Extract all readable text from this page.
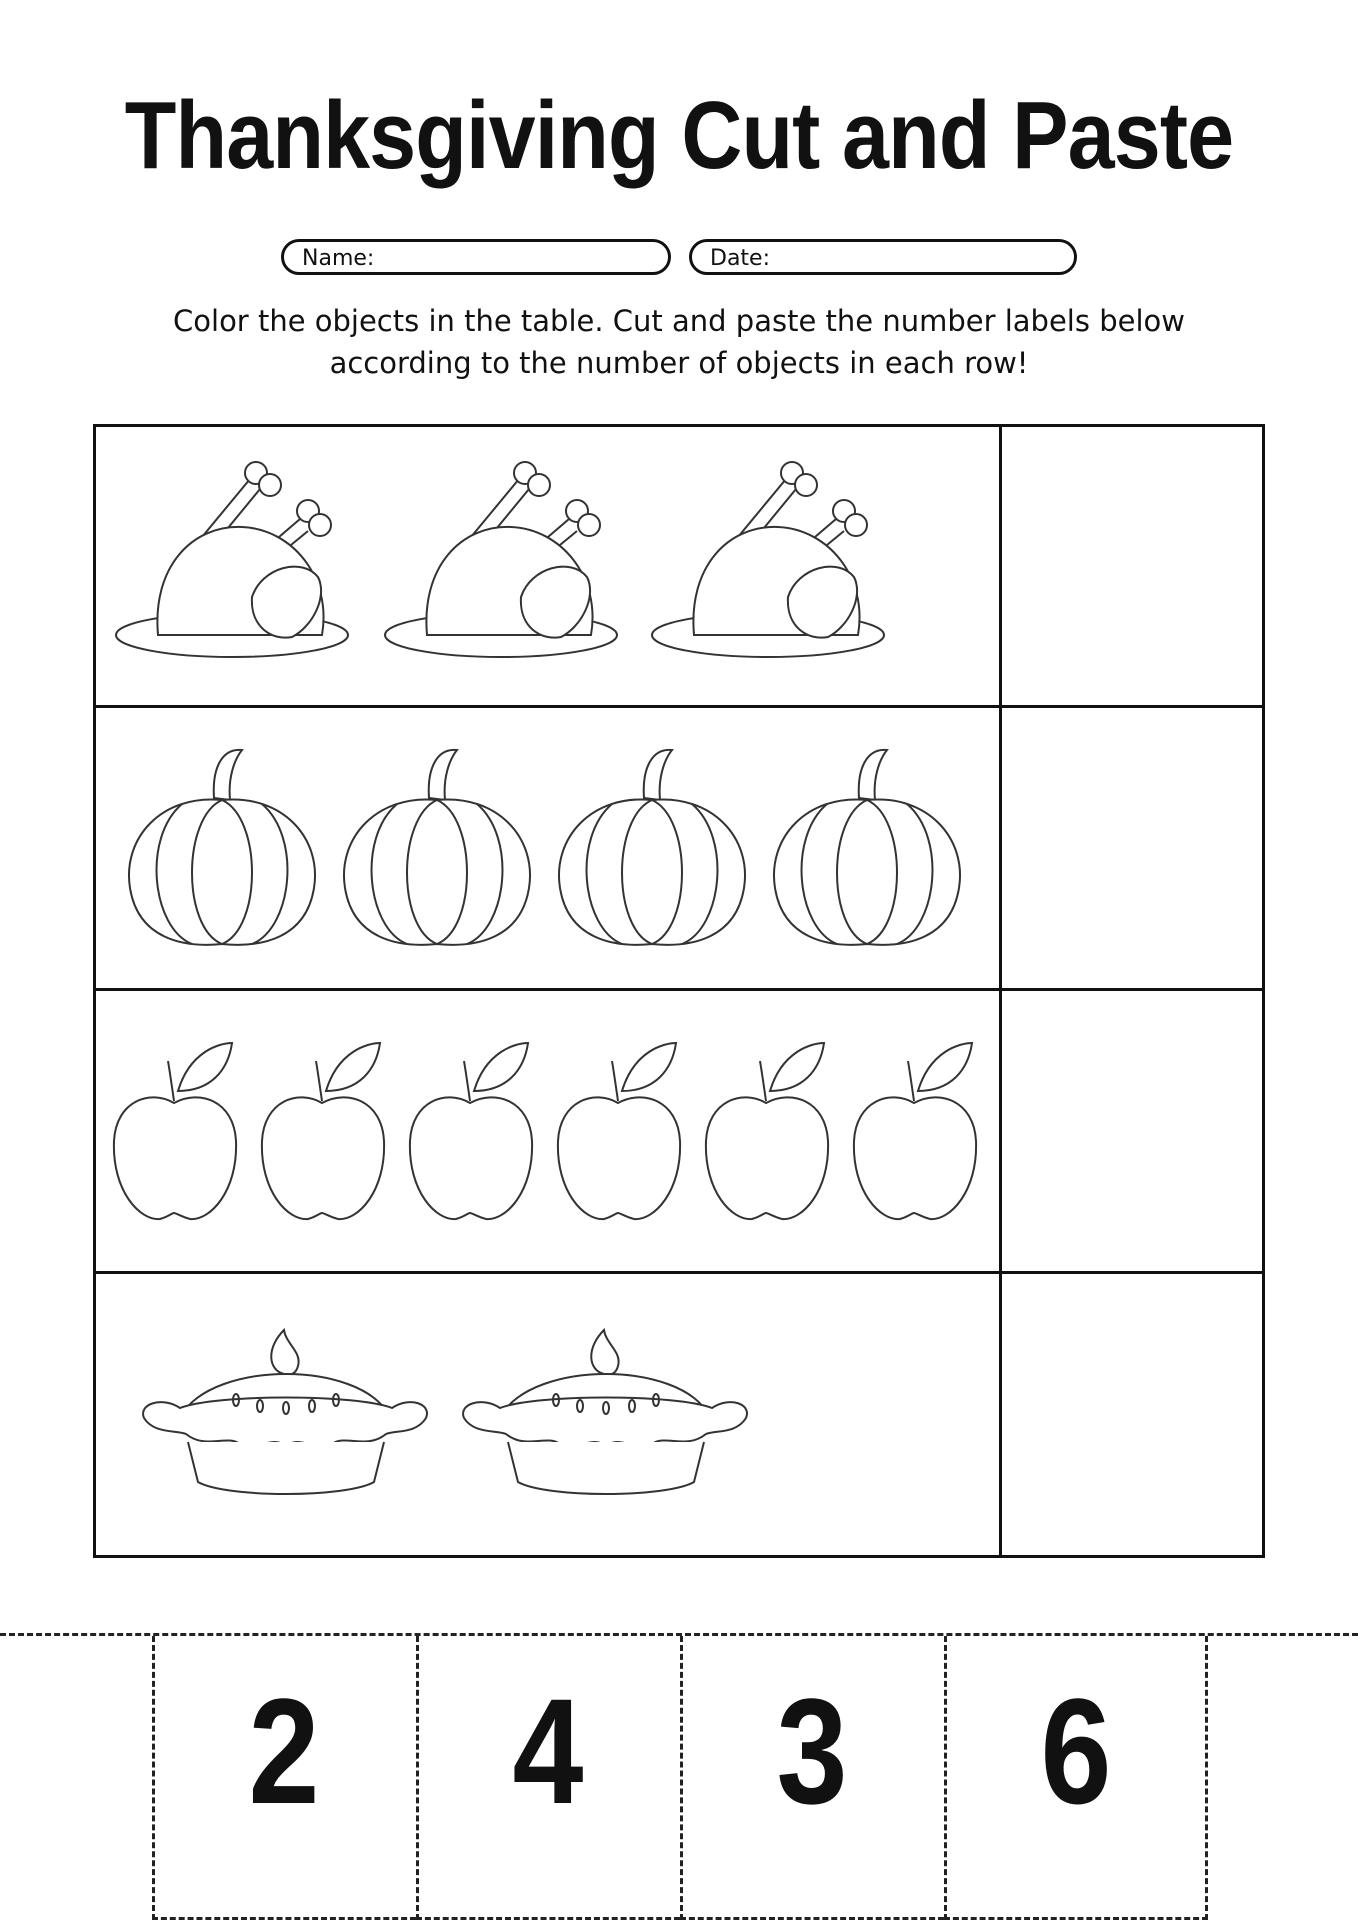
Thanksgiving Cut and Paste
Name:	Date:
Color the objects in the table. Cut and paste the number labels below according to the number of objects in each row!
2	4	3	6
